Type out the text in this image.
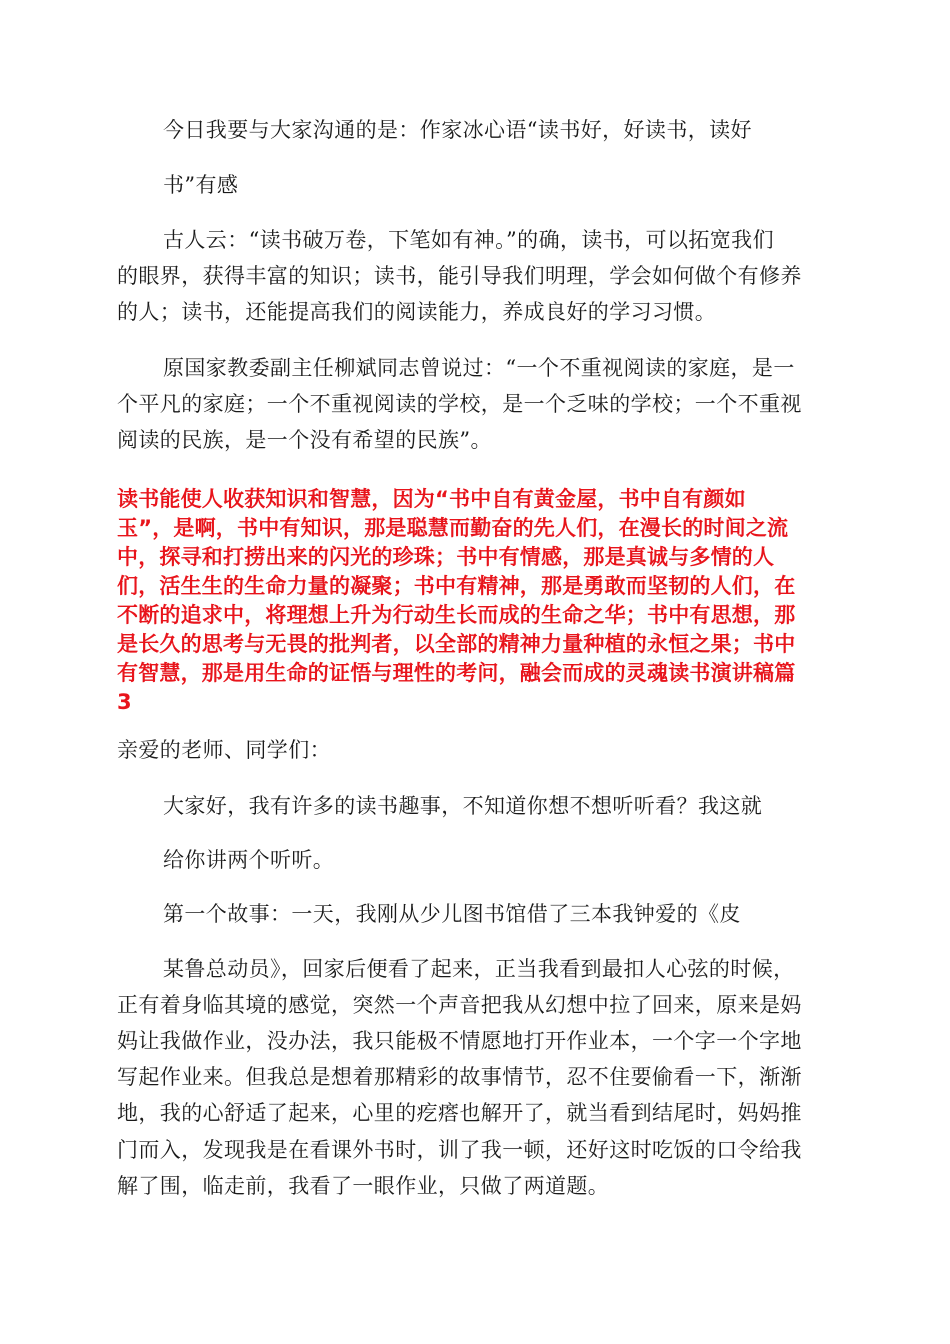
今日我要与大家沟通的是：作家冰心语“读书好，好读书，读好
书”有感
古人云：“读书破万卷，下笔如有神。”的确，读书，可以拓宽我们
的眼界，获得丰富的知识；读书，能引导我们明理，学会如何做个有修养
的人；读书，还能提高我们的阅读能力，养成良好的学习习惯。
原国家教委副主任柳斌同志曾说过：“一个不重视阅读的家庭，是一
个平凡的家庭；一个不重视阅读的学校，是一个乏味的学校；一个不重视
阅读的民族，是一个没有希望的民族”。
读书能使人收获知识和智慧，因为“书中自有黄金屋，书中自有颜如
玉”，是啊，书中有知识，那是聪慧而勤奋的先人们，在漫长的时间之流
中，探寻和打捞出来的闪光的珍珠；书中有情感，那是真诚与多情的人
们，活生生的生命力量的凝聚；书中有精神，那是勇敢而坚韧的人们，在
不断的追求中，将理想上升为行动生长而成的生命之华；书中有思想，那
是长久的思考与无畏的批判者，以全部的精神力量种植的永恒之果；书中
有智慧，那是用生命的证悟与理性的考问，融会而成的灵魂读书演讲稿篇
3
亲爱的老师、同学们：
大家好，我有许多的读书趣事，不知道你想不想听听看？我这就
给你讲两个听听。
第一个故事：一天，我刚从少儿图书馆借了三本我钟爱的《皮
某鲁总动员》，回家后便看了起来，正当我看到最扣人心弦的时候，
正有着身临其境的感觉，突然一个声音把我从幻想中拉了回来，原来是妈
妈让我做作业，没办法，我只能极不情愿地打开作业本，一个字一个字地
写起作业来。但我总是想着那精彩的故事情节，忍不住要偷看一下，渐渐
地，我的心舒适了起来，心里的疙瘩也解开了，就当看到结尾时，妈妈推
门而入，发现我是在看课外书时，训了我一顿，还好这时吃饭的口令给我
解了围，临走前，我看了一眼作业，只做了两道题。
